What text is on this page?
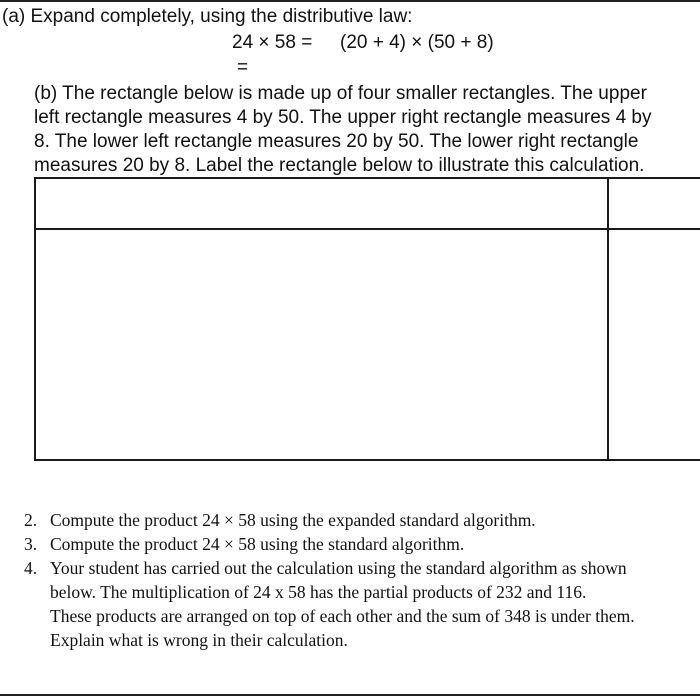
(a) Expand completely, using the distributive law:
24 × 58 = (20 + 4) × (50 + 8)
=
(b) The rectangle below is made up of four smaller rectangles. The upper
left rectangle measures 4 by 50. The upper right rectangle measures 4 by
8. The lower left rectangle measures 20 by 50. The lower right rectangle
measures 20 by 8. Label the rectangle below to illustrate this calculation.
2. Compute the product 24 × 58 using the expanded standard algorithm.
3. Compute the product 24 × 58 using the standard algorithm.
4. Your student has carried out the calculation using the standard algorithm as shown
below. The multiplication of 24 x 58 has the partial products of 232 and 116.
These products are arranged on top of each other and the sum of 348 is under them.
Explain what is wrong in their calculation.
